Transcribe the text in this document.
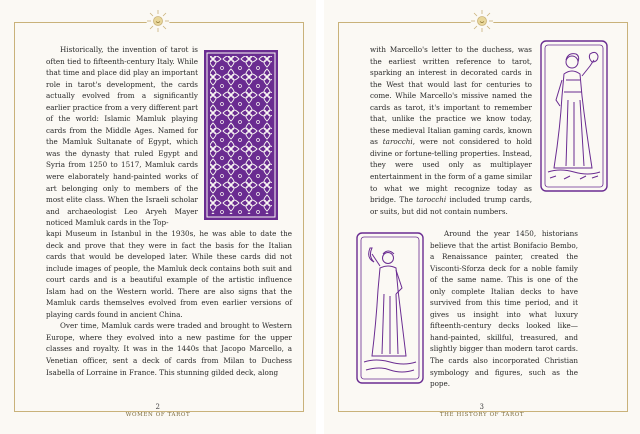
Historically, the invention of tarot is often tied to fifteenth-century Italy. While that time and place did play an important role in tarot's development, the cards actually evolved from a significantly earlier practice from a very different part of the world: Islamic Mamluk playing cards from the Middle Ages. Named for the Mamluk Sultanate of Egypt, which was the dynasty that ruled Egypt and Syria from 1250 to 1517, Mamluk cards were elaborately hand-painted works of art belonging only to members of the most elite class. When the Israeli scholar and archaeologist Leo Aryeh Mayer noticed Mamluk cards in the Top-

kapi Museum in Istanbul in the 1930s, he was able to date the deck and prove that they were in fact the basis for the Italian cards that would be developed later. While these cards did not include images of people, the Mamluk deck contains both suit and court cards and is a beautiful example of the artistic influence Islam had on the Western world. There are also signs that the Mamluk cards themselves evolved from even earlier versions of playing cards found in ancient China.

Over time, Mamluk cards were traded and brought to Western Europe, where they evolved into a new pastime for the upper classes and royalty. It was in the 1440s that Jacopo Marcello, a Venetian officer, sent a deck of cards from Milan to Duchess Isabella of Lorraine in France. This stunning gilded deck, along

2
WOMEN OF TAROT

with Marcello's letter to the duchess, was the earliest written reference to tarot, sparking an interest in decorated cards in the West that would last for centuries to come. While Marcello's missive named the cards as tarot, it's important to remember that, unlike the practice we know today, these medieval Italian gaming cards, known as tarocchi, were not considered to hold divine or fortune-telling properties. Instead, they were used only as multiplayer entertainment in the form of a game similar to what we might recognize today as bridge. The tarocchi included trump cards, or suits, but did not contain numbers.

Around the year 1450, historians believe that the artist Bonifacio Bembo, a Renaissance painter, created the Visconti-Sforza deck for a noble family of the same name. This is one of the only complete Italian decks to have survived from this time period, and it gives us insight into what luxury fifteenth-century decks looked like—hand-painted, skillful, treasured, and slightly bigger than modern tarot cards. The cards also incorporated Christian symbology and figures, such as the pope.

3
THE HISTORY OF TAROT
